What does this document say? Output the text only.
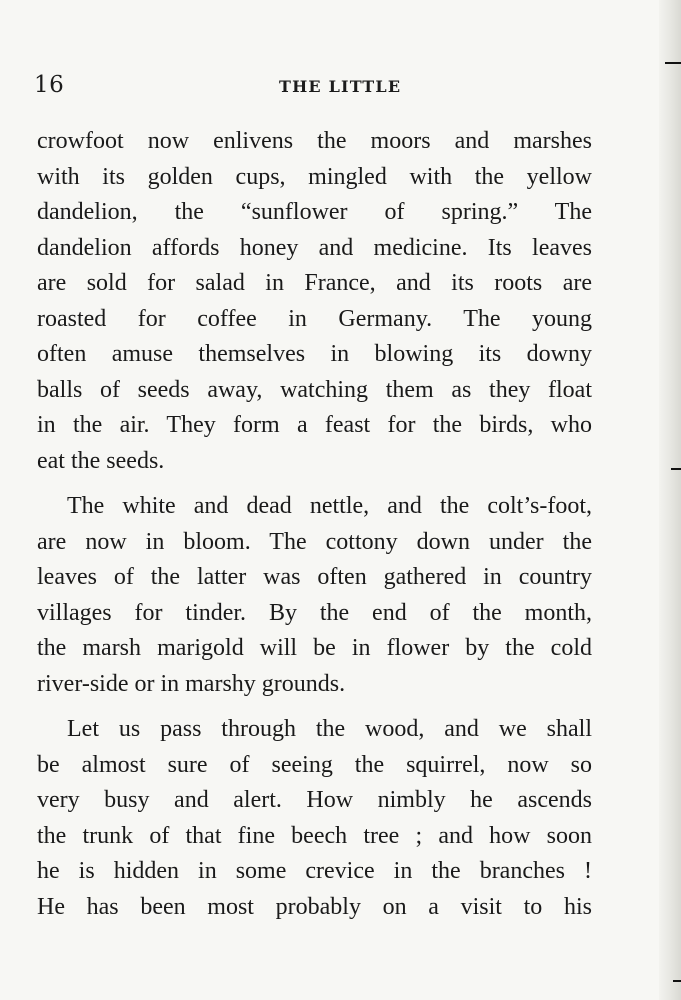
16	THE LITTLE

crowfoot now enlivens the moors and marshes
with its golden cups, mingled with the yellow
dandelion, the “sunflower of spring.” The
dandelion affords honey and medicine. Its leaves
are sold for salad in France, and its roots are
roasted for coffee in Germany. The young
often amuse themselves in blowing its downy
balls of seeds away, watching them as they float
in the air. They form a feast for the birds, who
eat the seeds.

The white and dead nettle, and the colt’s-foot,
are now in bloom. The cottony down under the
leaves of the latter was often gathered in country
villages for tinder. By the end of the month,
the marsh marigold will be in flower by the cold
river-side or in marshy grounds.

Let us pass through the wood, and we shall
be almost sure of seeing the squirrel, now so
very busy and alert. How nimbly he ascends
the trunk of that fine beech tree ; and how soon
he is hidden in some crevice in the branches !
He has been most probably on a visit to his
